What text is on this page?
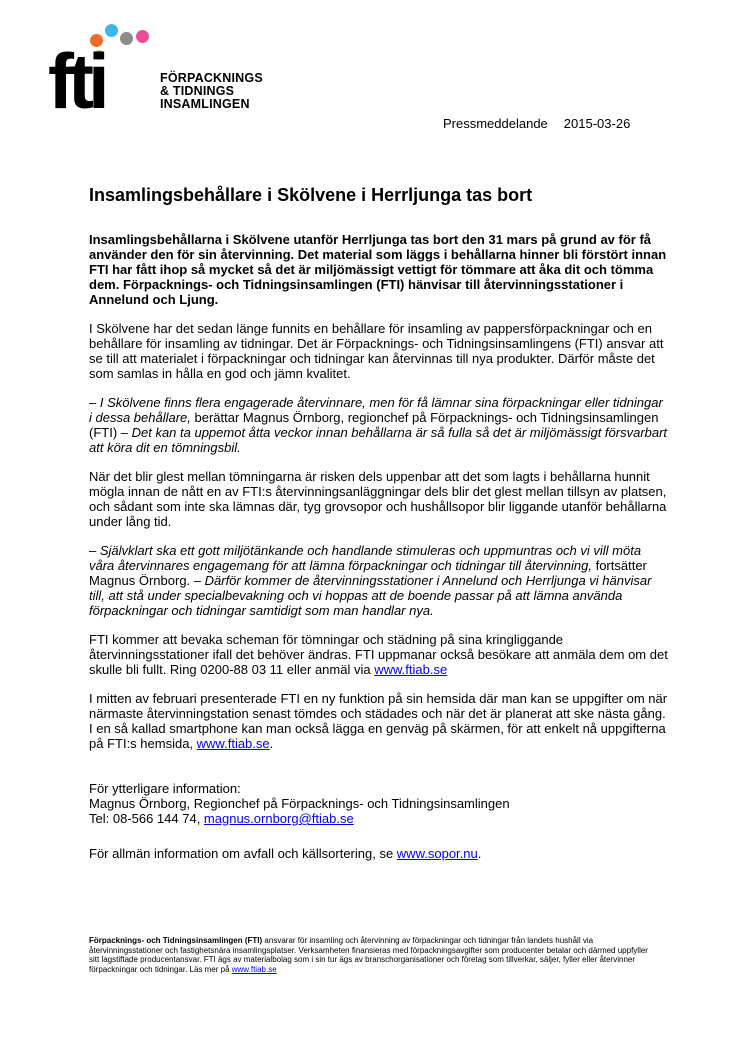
fti	FÖRPACKNINGS
& TIDNINGS
INSAMLINGEN
Pressmeddelande 2015-03-26
Insamlingsbehållare i Skölvene i Herrljunga tas bort

Insamlingsbehållarna i Skölvene utanför Herrljunga tas bort den 31 mars på grund av för få använder den för sin återvinning. Det material som läggs i behållarna hinner bli förstört innan FTI har fått ihop så mycket så det är miljömässigt vettigt för tömmare att åka dit och tömma dem. Förpacknings- och Tidningsinsamlingen (FTI) hänvisar till återvinningsstationer i Annelund och Ljung.

I Skölvene har det sedan länge funnits en behållare för insamling av pappersförpackningar och en behållare för insamling av tidningar. Det är Förpacknings- och Tidningsinsamlingens (FTI) ansvar att se till att materialet i förpackningar och tidningar kan återvinnas till nya produkter. Därför måste det som samlas in hålla en god och jämn kvalitet.

– I Skölvene finns flera engagerade återvinnare, men för få lämnar sina förpackningar eller tidningar i dessa behållare, berättar Magnus Örnborg, regionchef på Förpacknings- och Tidningsinsamlingen (FTI) – Det kan ta uppemot åtta veckor innan behållarna är så fulla så det är miljömässigt försvarbart att köra dit en tömningsbil.

När det blir glest mellan tömningarna är risken dels uppenbar att det som lagts i behållarna hunnit mögla innan de nått en av FTI:s återvinningsanläggningar dels blir det glest mellan tillsyn av platsen, och sådant som inte ska lämnas där, tyg grovsopor och hushållsopor blir liggande utanför behållarna under lång tid.

– Självklart ska ett gott miljötänkande och handlande stimuleras och uppmuntras och vi vill möta våra återvinnares engagemang för att lämna förpackningar och tidningar till återvinning, fortsätter Magnus Örnborg. – Därför kommer de återvinningsstationer i Annelund och Herrljunga vi hänvisar till, att stå under specialbevakning och vi hoppas att de boende passar på att lämna använda förpackningar och tidningar samtidigt som man handlar nya.

FTI kommer att bevaka scheman för tömningar och städning på sina kringliggande återvinningsstationer ifall det behöver ändras. FTI uppmanar också besökare att anmäla dem om det skulle bli fullt. Ring 0200-88 03 11 eller anmäl via www.ftiab.se

I mitten av februari presenterade FTI en ny funktion på sin hemsida där man kan se uppgifter om när närmaste återvinningstation senast tömdes och städades och när det är planerat att ske nästa gång. I en så kallad smartphone kan man också lägga en genväg på skärmen, för att enkelt nå uppgifterna på FTI:s hemsida, www.ftiab.se.

För ytterligare information:
Magnus Örnborg, Regionchef på Förpacknings- och Tidningsinsamlingen
Tel: 08-566 144 74, magnus.ornborg@ftiab.se

För allmän information om avfall och källsortering, se www.sopor.nu.

Förpacknings- och Tidningsinsamlingen (FTI) ansvarar för insamling och återvinning av förpackningar och tidningar från landets hushåll via återvinningsstationer och fastighetsnära insamlingsplatser. Verksamheten finansieras med förpackningsavgifter som producenter betalar och därmed uppfyller sitt lagstiftade producentansvar. FTI ägs av materialbolag som i sin tur ägs av branschorganisationer och företag som tillverkar, säljer, fyller eller återvinner förpackningar och tidningar. Läs mer på www.ftiab.se
